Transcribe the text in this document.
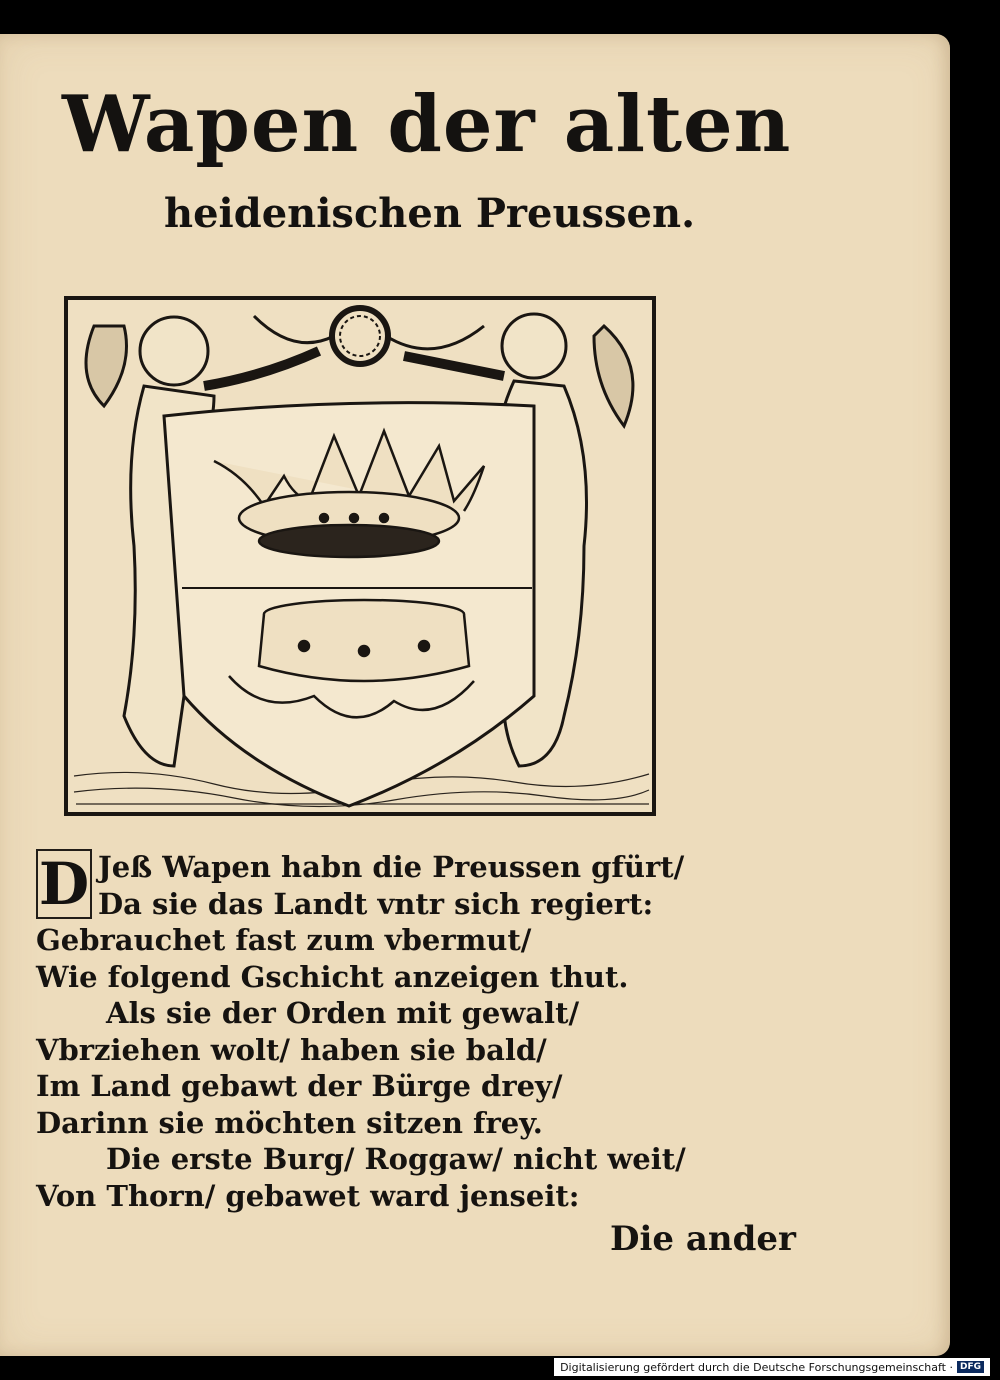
Wapen der alten
heidenischen Preussen.
D Jeß Wapen habn die Preussen gfürt/
Da sie das Landt vntr sich regiert:
Gebrauchet fast zum vbermut/
Wie folgend Gschicht anzeigen thut.
Als sie der Orden mit gewalt/
Vbrziehen wolt/ haben sie bald/
Im Land gebawt der Bürge drey/
Darinn sie möchten sitzen frey.
Die erste Burg/ Roggaw/ nicht weit/
Von Thorn/ gebawet ward jenseit:
Die ander
Digitalisierung gefördert durch die Deutsche Forschungsgemeinschaft · DFG
